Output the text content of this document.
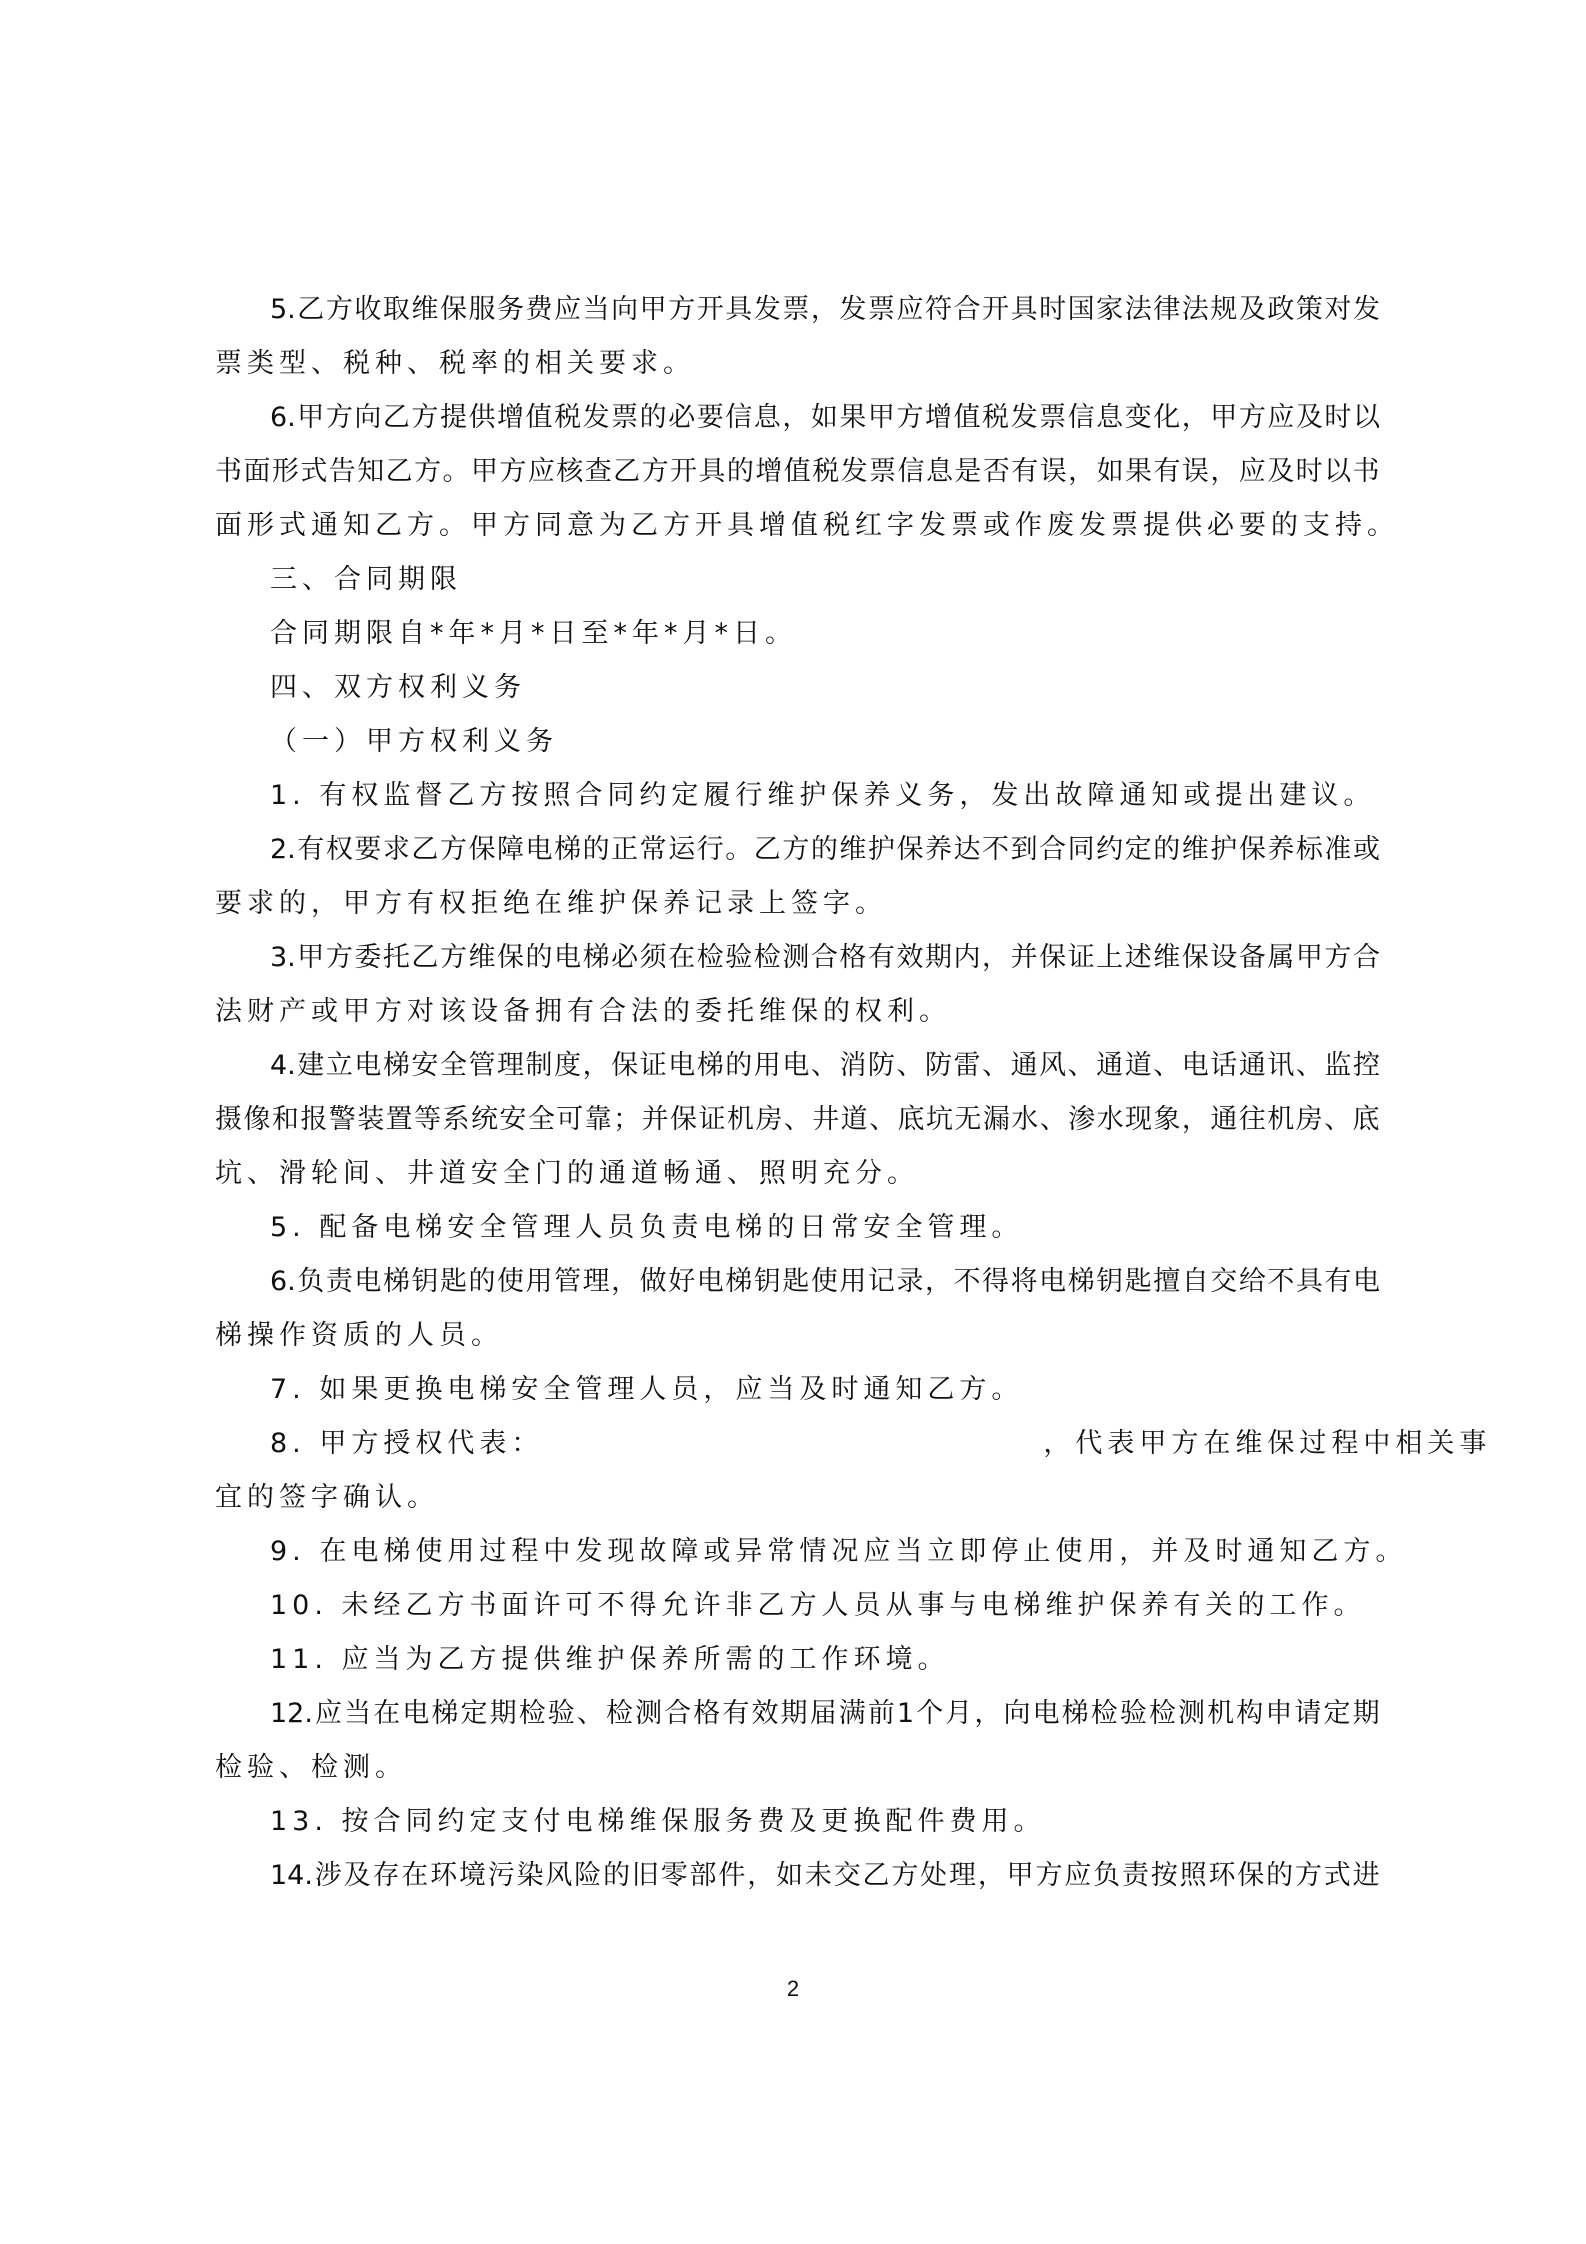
5. 乙 方 收 取 维 保 服 务 费 应 当 向 甲 方 开 具 发 票 ， 发 票 应 符 合 开 具 时 国 家 法 律 法 规 及 政 策 对 发
票类型、税种、税率的相关要求。
6. 甲 方 向 乙 方 提 供 增 值 税 发 票 的 必 要 信 息 ， 如 果 甲 方 增 值 税 发 票 信 息 变 化 ， 甲 方 应 及 时 以
书 面 形 式 告 知 乙 方 。 甲 方 应 核 查 乙 方 开 具 的 增 值 税 发 票 信 息 是 否 有 误 ， 如 果 有 误 ， 应 及 时 以 书
面形式通知乙方。甲方同意为乙方开具增值税红字发票或作废发票提供必要的支持。
三、合同期限
合同期限自*年*月*日至*年*月*日。
四、双方权利义务
（一）甲方权利义务
1. 有权监督乙方按照合同约定履行维护保养义务，发出故障通知或提出建议。
2. 有 权 要 求 乙 方 保 障 电 梯 的 正 常 运 行 。 乙 方 的 维 护 保 养 达 不 到 合 同 约 定 的 维 护 保 养 标 准 或
要求的，甲方有权拒绝在维护保养记录上签字。
3. 甲 方 委 托 乙 方 维 保 的 电 梯 必 须 在 检 验 检 测 合 格 有 效 期 内 ， 并 保 证 上 述 维 保 设 备 属 甲 方 合
法财产或甲方对该设备拥有合法的委托维保的权利。
4. 建 立 电 梯 安 全 管 理 制 度 ， 保 证 电 梯 的 用 电 、 消 防 、 防 雷 、 通 风 、 通 道 、 电 话 通 讯 、 监 控
摄 像 和 报 警 装 置 等 系 统 安 全 可 靠 ； 并 保 证 机 房 、 井 道 、 底 坑 无 漏 水 、 渗 水 现 象 ， 通 往 机 房 、 底
坑、滑轮间、井道安全门的通道畅通、照明充分。
5. 配备电梯安全管理人员负责电梯的日常安全管理。
6. 负 责 电 梯 钥 匙 的 使 用 管 理 ， 做 好 电 梯 钥 匙 使 用 记 录 ， 不 得 将 电 梯 钥 匙 擅 自 交 给 不 具 有 电
梯操作资质的人员。
7. 如果更换电梯安全管理人员，应当及时通知乙方。
8. 甲方授权代表：	，代表甲方在维保过程中相关事
宜的签字确认。
9. 在电梯使用过程中发现故障或异常情况应当立即停止使用，并及时通知乙方。
10. 未经乙方书面许可不得允许非乙方人员从事与电梯维护保养有关的工作。
11. 应当为乙方提供维护保养所需的工作环境。
12. 应 当 在 电 梯 定 期 检 验 、 检 测 合 格 有 效 期 届 满 前 1 个 月 ， 向 电 梯 检 验 检 测 机 构 申 请 定 期
检验、检测。
13. 按合同约定支付电梯维保服务费及更换配件费用。
14. 涉 及 存 在 环 境 污 染 风 险 的 旧 零 部 件 ， 如 未 交 乙 方 处 理 ， 甲 方 应 负 责 按 照 环 保 的 方 式 进
2
